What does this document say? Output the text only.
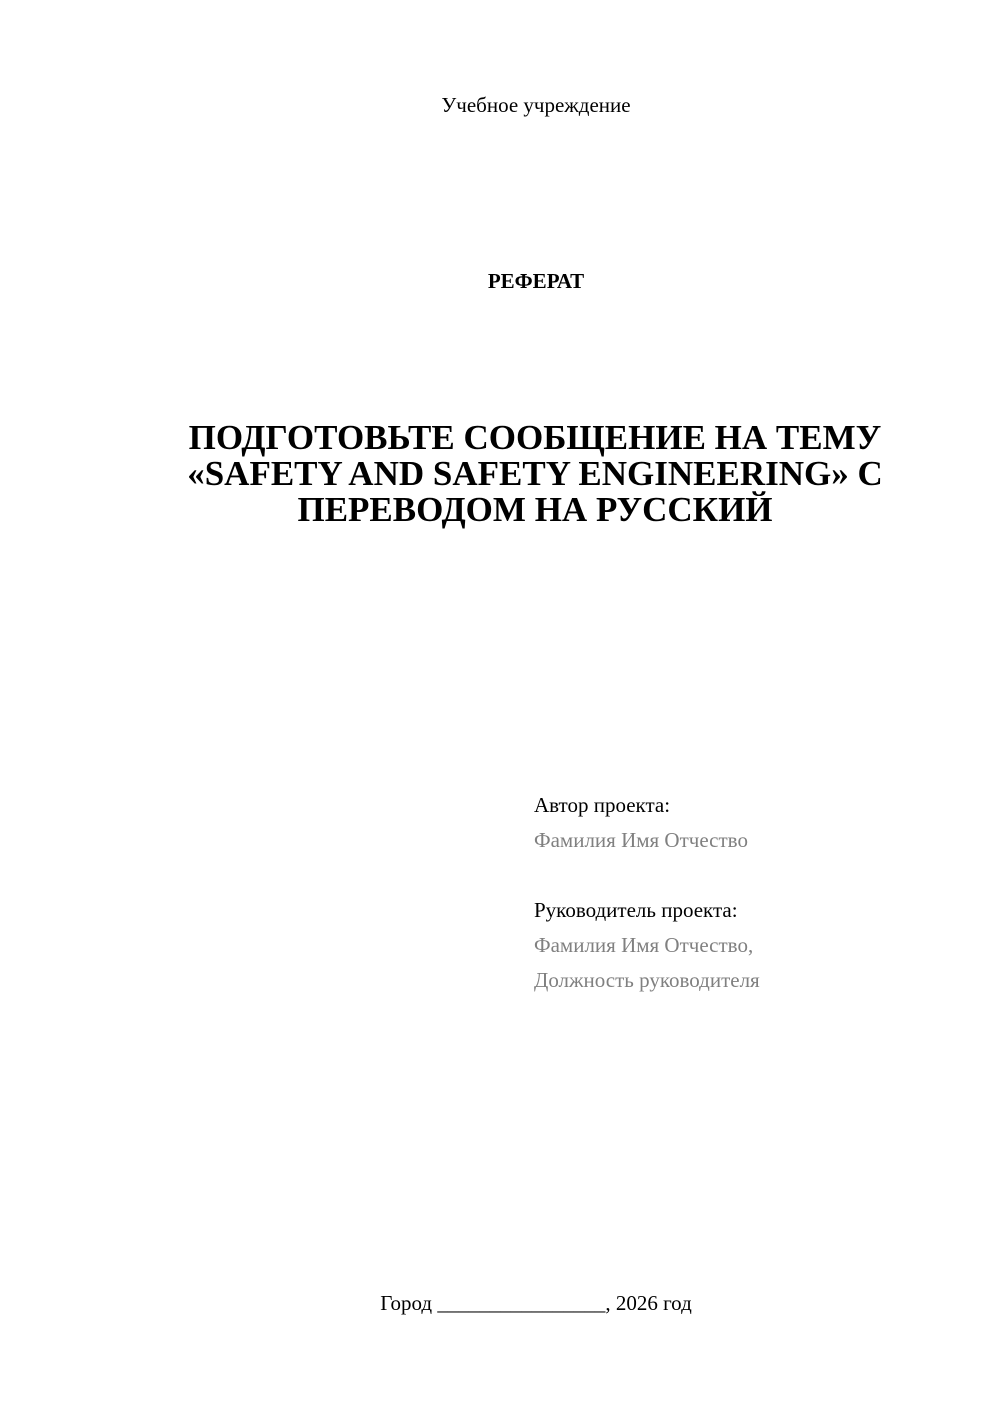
Учебное учреждение
РЕФЕРАТ
ПОДГОТОВЬТЕ СООБЩЕНИЕ НА ТЕМУ
«SAFETY AND SAFETY ENGINEERING» С
ПЕРЕВОДОМ НА РУССКИЙ
Автор проекта:
Фамилия Имя Отчество
Руководитель проекта:
Фамилия Имя Отчество,
Должность руководителя
Город ________________, 2026 год
